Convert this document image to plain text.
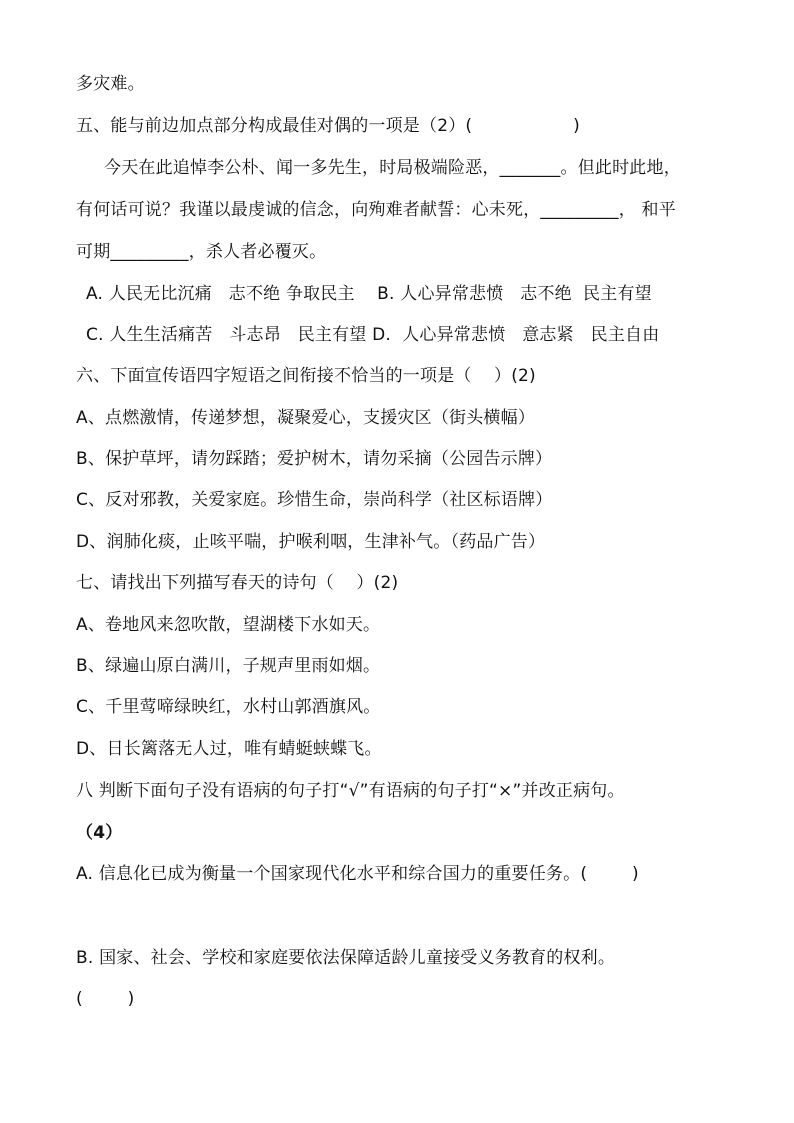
多灾难。
五、能与前边加点部分构成最佳对偶的一项是（2）(                  )
今天在此追悼李公朴、闻一多先生，时局极端险恶，_______。但此时此地，
有何话可说？我谨以最虔诚的信念，向殉难者献誓：心未死，_________， 和平
可期_________，杀人者必覆灭。
A. 人民无比沉痛   志不绝 争取民主    B. 人心异常悲愤   志不绝  民主有望
C. 人生生活痛苦   斗志昂   民主有望 D.  人心异常悲愤   意志紧   民主自由
六、下面宣传语四字短语之间衔接不恰当的一项是（    ）(2)
A、点燃激情，传递梦想，凝聚爱心，支援灾区（街头横幅）
B、保护草坪，请勿踩踏；爱护树木，请勿采摘（公园告示牌）
C、反对邪教，关爱家庭。珍惜生命，崇尚科学（社区标语牌）
D、润肺化痰，止咳平喘，护喉利咽，生津补气。（药品广告）
七、请找出下列描写春天的诗句（    ）(2)
A、卷地风来忽吹散，望湖楼下水如天。
B、绿遍山原白满川，子规声里雨如烟。
C、千里莺啼绿映红，水村山郭酒旗风。
D、日长篱落无人过，唯有蜻蜓蛱蝶飞。
八 判断下面句子没有语病的句子打“√”有语病的句子打“×”并改正病句。
（4）
A. 信息化已成为衡量一个国家现代化水平和综合国力的重要任务。(        )
B. 国家、社会、学校和家庭要依法保障适龄儿童接受义务教育的权利。
(        )
